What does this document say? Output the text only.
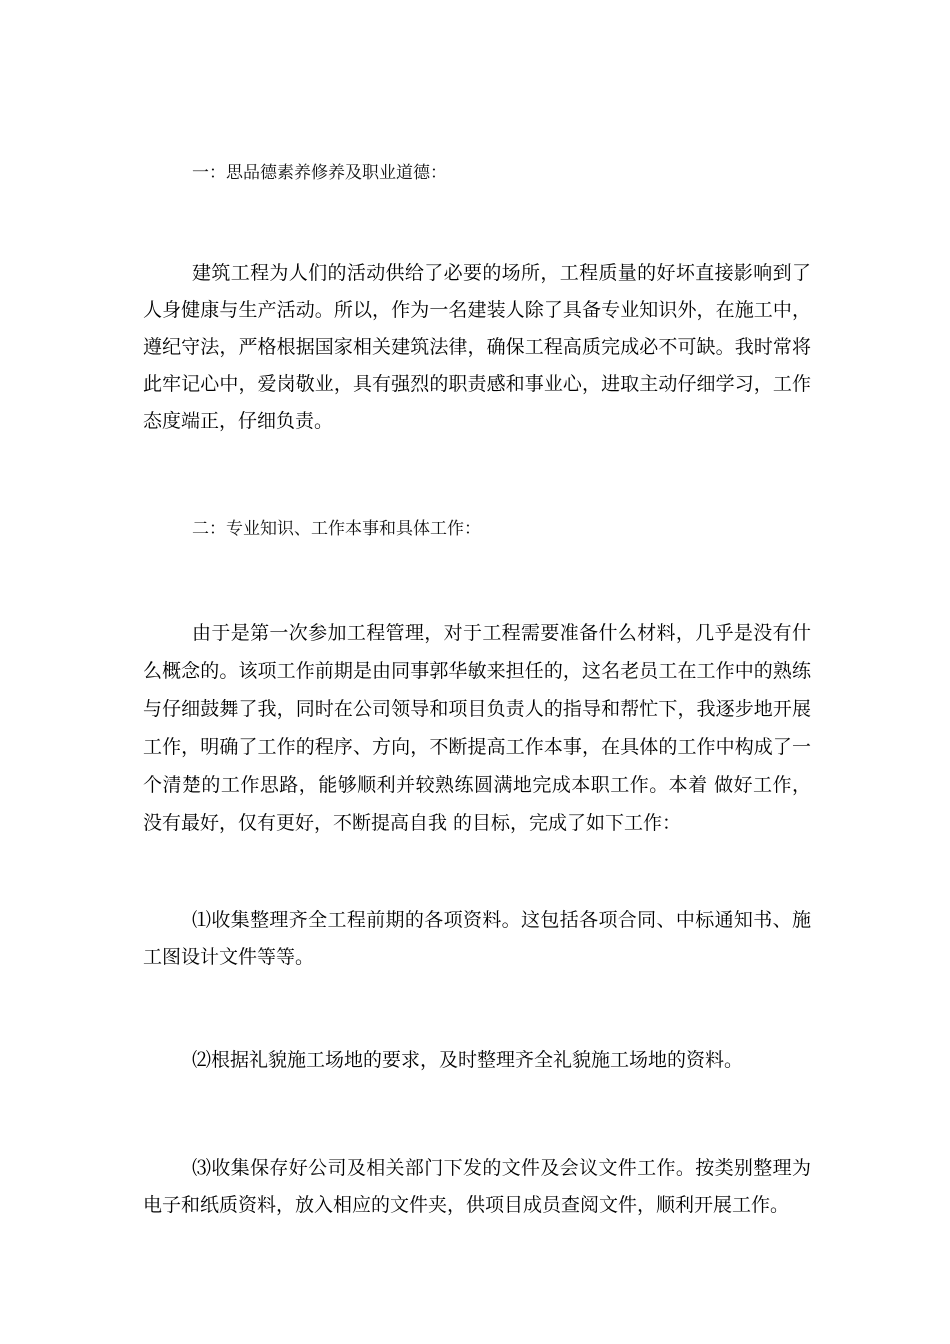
一：思品德素养修养及职业道德：
建筑工程为人们的活动供给了必要的场所，工程质量的好坏直接影响到了人身健康与生产活动。所以，作为一名建装人除了具备专业知识外，在施工中，遵纪守法，严格根据国家相关建筑法律，确保工程高质完成必不可缺。我时常将此牢记心中，爱岗敬业，具有强烈的职责感和事业心，进取主动仔细学习，工作态度端正，仔细负责。
二：专业知识、工作本事和具体工作：
由于是第一次参加工程管理，对于工程需要准备什么材料，几乎是没有什么概念的。该项工作前期是由同事郭华敏来担任的，这名老员工在工作中的熟练与仔细鼓舞了我，同时在公司领导和项目负责人的指导和帮忙下，我逐步地开展工作，明确了工作的程序、方向，不断提高工作本事，在具体的工作中构成了一个清楚的工作思路，能够顺利并较熟练圆满地完成本职工作。本着 做好工作，没有最好，仅有更好，不断提高自我 的目标，完成了如下工作：
⑴收集整理齐全工程前期的各项资料。这包括各项合同、中标通知书、施工图设计文件等等。
⑵根据礼貌施工场地的要求，及时整理齐全礼貌施工场地的资料。
⑶收集保存好公司及相关部门下发的文件及会议文件工作。按类别整理为电子和纸质资料，放入相应的文件夹，供项目成员查阅文件，顺利开展工作。
